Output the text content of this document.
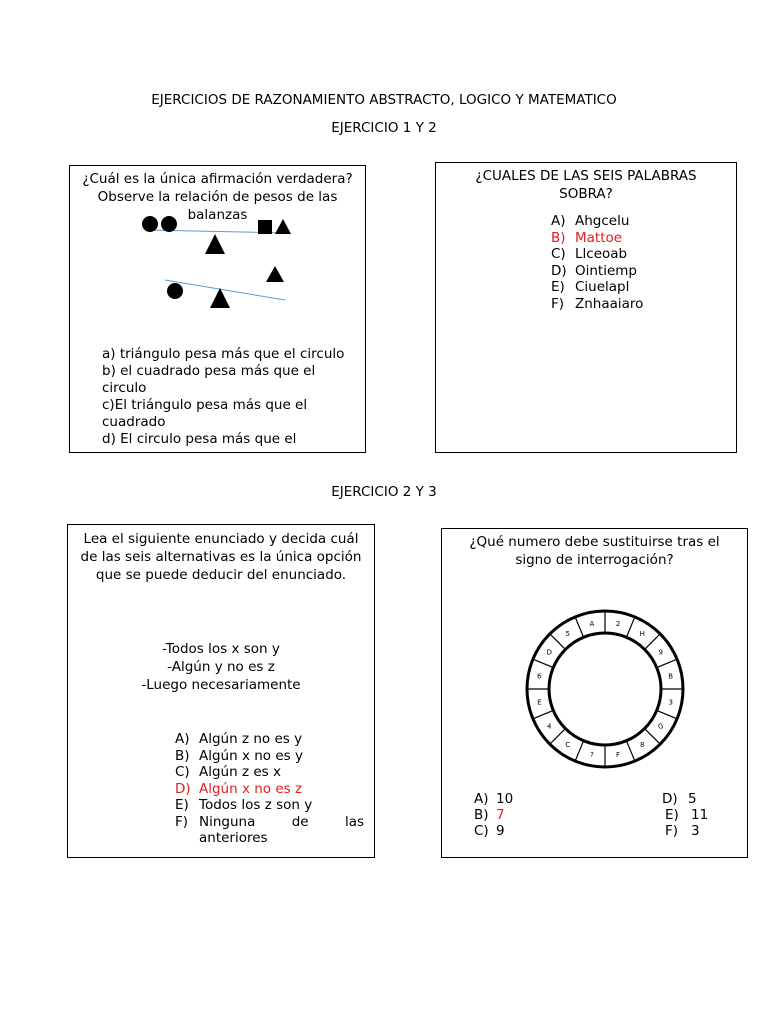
EJERCICIOS DE RAZONAMIENTO ABSTRACTO, LOGICO Y MATEMATICO
EJERCICIO 1 Y 2
¿Cuál es la única afirmación verdadera? Observe la relación de pesos de las balanzas
a) triángulo pesa más que el circulo
b) el cuadrado pesa más que el circulo
c)El triángulo pesa más que el cuadrado
d) El circulo pesa más que el
¿CUALES DE LAS SEIS PALABRAS SOBRA?
A) Ahgcelu
B) Mattoe
C) Llceoab
D) Ointiemp
E) Ciuelapl
F) Znhaaiaro
EJERCICIO 2 Y 3
Lea el siguiente enunciado y decida cuál de las seis alternativas es la única opción que se puede deducir del enunciado.
-Todos los x son y
-Algún y no es z
-Luego necesariamente
A) Algún z no es y
B) Algún x no es y
C) Algún z es x
D) Algún x no es z
E) Todos los z son y
F) Ninguna de las anteriores
¿Qué numero debe sustituirse tras el signo de interrogación?
2
H
9
B
3
G
8
F
?
C
4
E
6
D
5
A
A) 10
B) 7
C) 9
D) 5
E) 11
F) 3
